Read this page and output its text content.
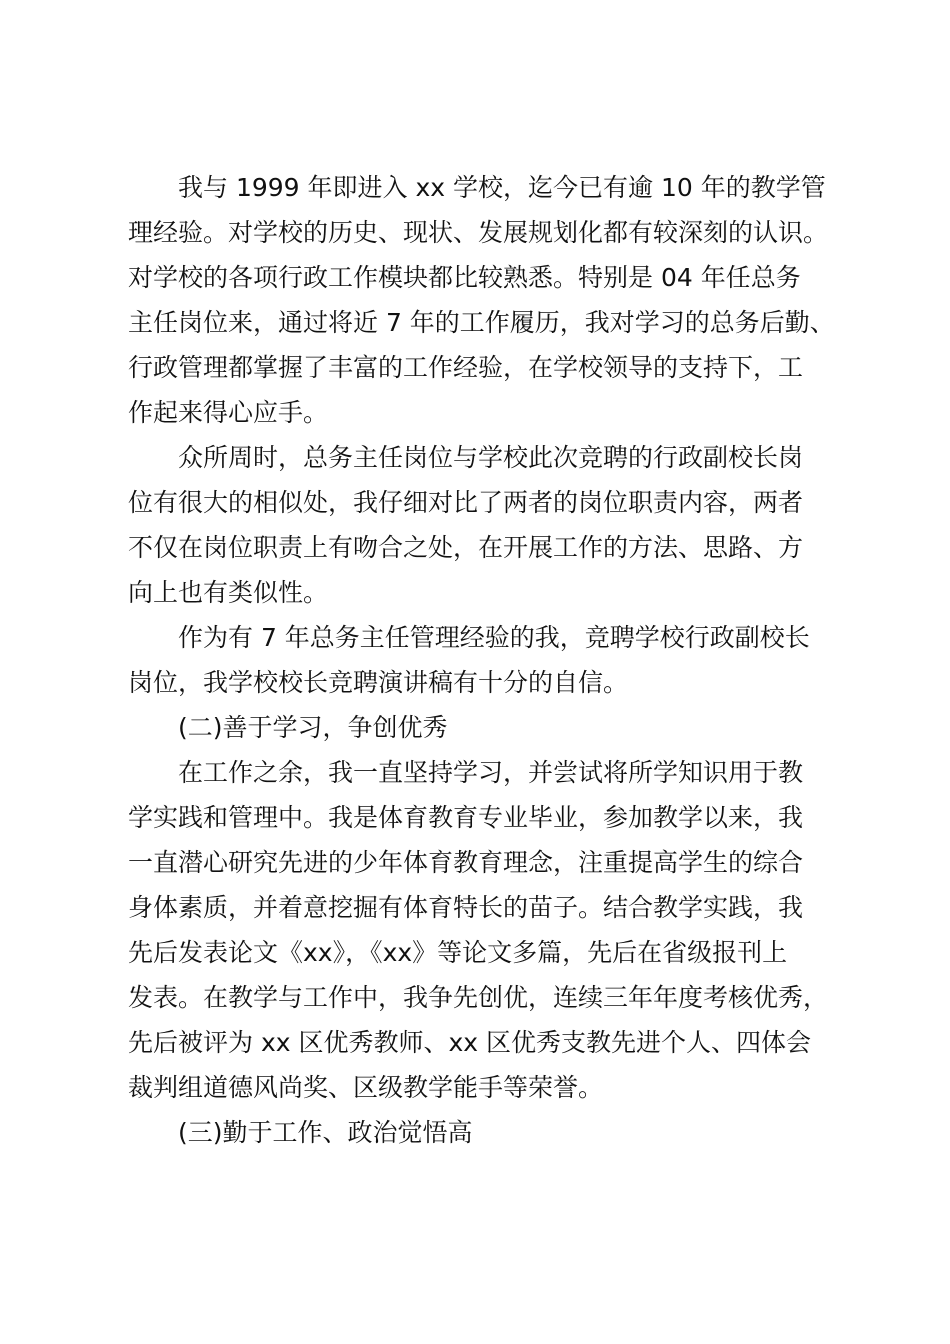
我与 1999 年即进入 xx 学校，迄今已有逾 10 年的教学管
理经验。对学校的历史、现状、发展规划化都有较深刻的认识。
对学校的各项行政工作模块都比较熟悉。特别是 04 年任总务
主任岗位来，通过将近 7 年的工作履历，我对学习的总务后勤、
行政管理都掌握了丰富的工作经验，在学校领导的支持下，工
作起来得心应手。
众所周时，总务主任岗位与学校此次竞聘的行政副校长岗
位有很大的相似处，我仔细对比了两者的岗位职责内容，两者
不仅在岗位职责上有吻合之处，在开展工作的方法、思路、方
向上也有类似性。
作为有 7 年总务主任管理经验的我，竞聘学校行政副校长
岗位，我学校校长竞聘演讲稿有十分的自信。
(二)善于学习，争创优秀
在工作之余，我一直坚持学习，并尝试将所学知识用于教
学实践和管理中。我是体育教育专业毕业，参加教学以来，我
一直潜心研究先进的少年体育教育理念，注重提高学生的综合
身体素质，并着意挖掘有体育特长的苗子。结合教学实践，我
先后发表论文《xx》，《xx》等论文多篇，先后在省级报刊上
发表。在教学与工作中，我争先创优，连续三年年度考核优秀，
先后被评为 xx 区优秀教师、xx 区优秀支教先进个人、四体会
裁判组道德风尚奖、区级教学能手等荣誉。
(三)勤于工作、政治觉悟高
